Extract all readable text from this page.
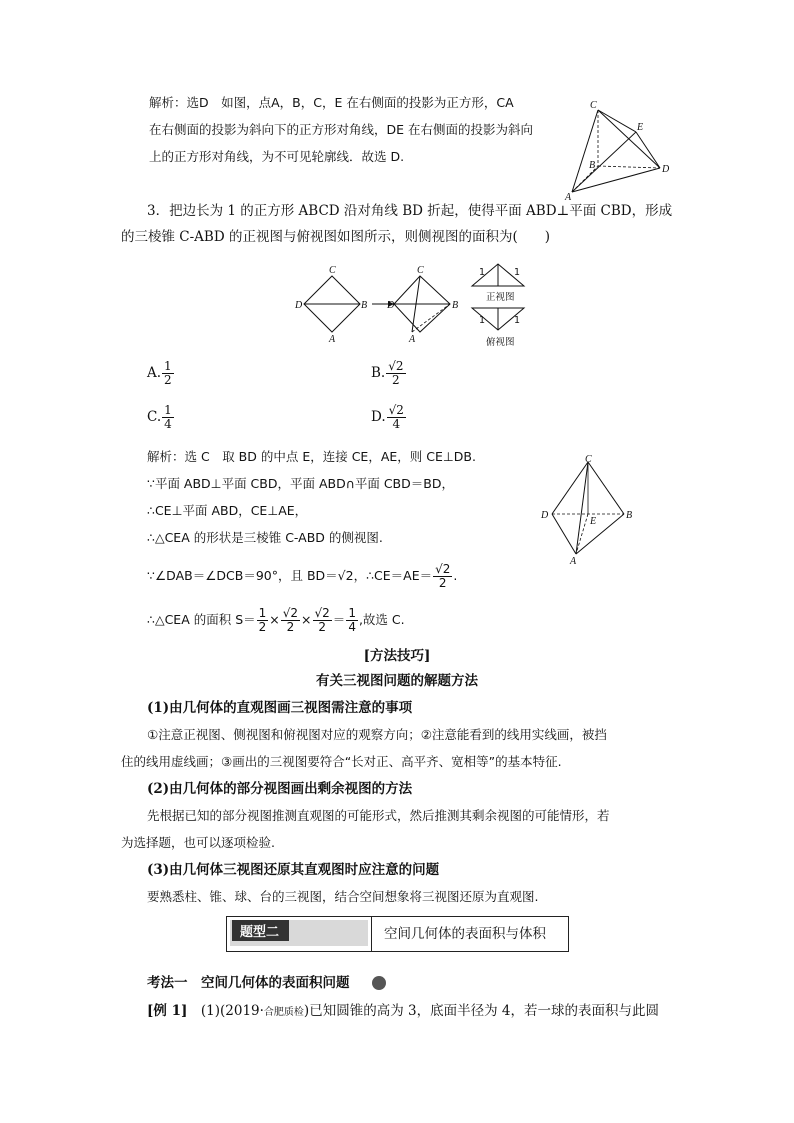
解析：选D　如图，点A，B，C，E 在右侧面的投影为正方形，CA
在右侧面的投影为斜向下的正方形对角线，DE 在右侧面的投影为斜向
上的正方形对角线，为不可见轮廓线．故选 D.
C
E
B	D
A
3．把边长为 1 的正方形 ABCD 沿对角线 BD 折起，使得平面 ABD⊥平面 CBD，形成
的三棱锥 C-ABD 的正视图与俯视图如图所示，则侧视图的面积为(　　)
C
D	B
A
C
D	B
A
1	1
正视图
1	1
俯视图
A. $\frac{1}{2}$	B. $\frac{√2}{2}$
C. $\frac{1}{4}$	D. $\frac{√2}{4}$
解析：选 C　取 BD 的中点 E，连接 CE，AE，则 CE⊥DB.
∵平面 ABD⊥平面 CBD，平面 ABD∩平面 CBD＝BD，
∴CE⊥平面 ABD，CE⊥AE，
∴△CEA 的形状是三棱锥 C-ABD 的侧视图.
∵∠DAB＝∠DCB＝90°，且 BD＝√2，∴CE＝AE＝ $\frac{√2}{2}$ .
∴△CEA 的面积 $S= \frac{1}{2} \times \frac{√2}{2} \times \frac{√2}{2} = \frac{1}{4}$ ,故选 C.
C
D	B
E
A
[方法技巧]
有关三视图问题的解题方法
(1)由几何体的直观图画三视图需注意的事项
①注意正视图、侧视图和俯视图对应的观察方向；②注意能看到的线用实线画，被挡
住的线用虚线画；③画出的三视图要符合“长对正、高平齐、宽相等”的基本特征.
(2)由几何体的部分视图画出剩余视图的方法
先根据已知的部分视图推测直观图的可能形式，然后推测其剩余视图的可能情形，若
为选择题，也可以逐项检验.
(3)由几何体三视图还原其直观图时应注意的问题
要熟悉柱、锥、球、台的三视图，结合空间想象将三视图还原为直观图.
题型二	空间几何体的表面积与体积
考法一　空间几何体的表面积问题
[例 1]　 (1)(2019·合肥质检)已知圆锥的高为 3，底面半径为 4，若一球的表面积与此圆
